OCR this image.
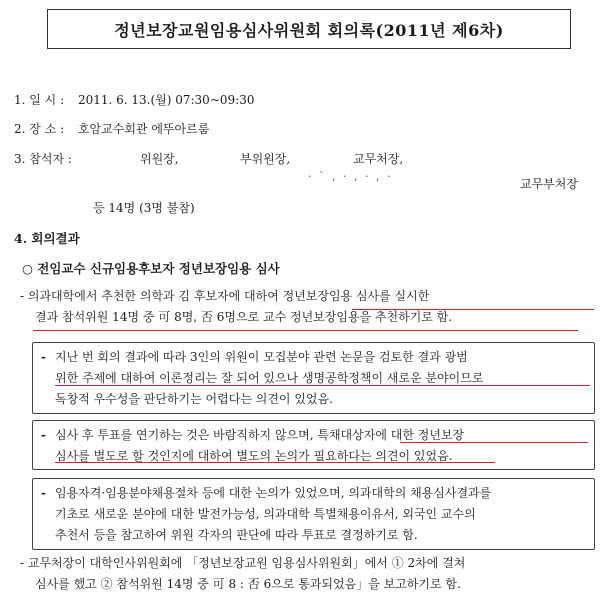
정년보장교원임용심사위원회 회의록(2011년 제6차)
1. 일 시 : 2011. 6. 13.(월) 07:30~09:30
2. 장 소 : 호암교수회관 에뚜아르룸
3. 참석자 :	위원장,	부위원장,	교무처장,
· ` , · , · , ·
교무부처장
등 14명 (3명 불참)
4. 회의결과
○ 전임교수 신규임용후보자 정년보장임용 심사

- 의과대학에서 추천한 의학과 김 후보자에 대하여 정년보장임용 심사를 실시한

결과 참석위원 14명 중 可 8명, 否 6명으로 교수 정년보장임용을 추천하기로 함.

- 지난 번 회의 결과에 따라 3인의 위원이 모집분야 관련 논문을 검토한 결과 광범

위한 주제에 대하여 이론정리는 잘 되어 있으나 생명공학정책이 새로운 분야이므로

독창적 우수성을 판단하기는 어렵다는 의견이 있었음.

- 심사 후 투표를 연기하는 것은 바람직하지 않으며, 특채대상자에 대한 정년보장

심사를 별도로 할 것인지에 대하여 별도의 논의가 필요하다는 의견이 있었음.

- 임용자격·임용분야채용절차 등에 대한 논의가 있었으며, 의과대학의 채용심사결과를

기초로 새로운 분야에 대한 발전가능성, 의과대학 특별채용이유서, 외국인 교수의

추천서 등을 참고하여 위원 각자의 판단에 따라 투표로 결정하기로 함.

- 교무처장이 대학인사위원회에 「정년보장교원 임용심사위원회」에서 ① 2차에 걸쳐

심사를 했고 ② 참석위원 14명 중 可 8 : 否 6으로 통과되었음」을 보고하기로 함.
